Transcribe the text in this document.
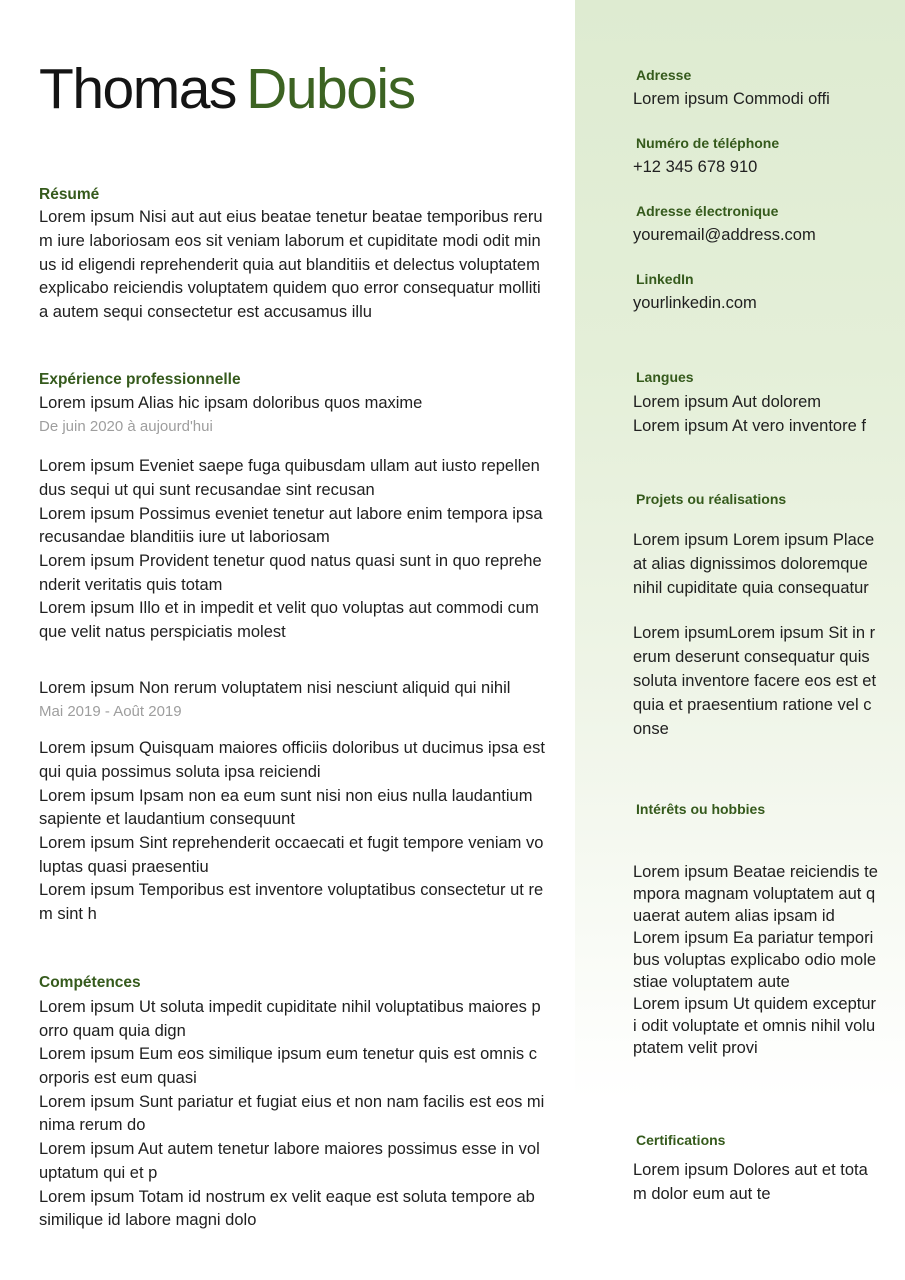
Thomas Dubois
Résumé

Lorem ipsum Nisi aut aut eius beatae tenetur beatae temporibus rerum iure laboriosam eos sit veniam laborum et cupiditate modi odit minus id eligendi reprehenderit quia aut blanditiis et delectus voluptatem explicabo reiciendis voluptatem quidem quo error consequatur mollitia autem sequi consectetur est accusamus illu

Expérience professionnelle
Lorem ipsum Alias hic ipsam doloribus quos maxime
De juin 2020 à aujourd'hui
Lorem ipsum Eveniet saepe fuga quibusdam ullam aut iusto repellendus sequi ut qui sunt recusandae sint recusan
Lorem ipsum Possimus eveniet tenetur aut labore enim tempora ipsa recusandae blanditiis iure ut laboriosam
Lorem ipsum Provident tenetur quod natus quasi sunt in quo reprehenderit veritatis quis totam
Lorem ipsum Illo et in impedit et velit quo voluptas aut commodi cumque velit natus perspiciatis molest
Lorem ipsum Non rerum voluptatem nisi nesciunt aliquid qui nihil
Mai 2019 - Août 2019
Lorem ipsum Quisquam maiores officiis doloribus ut ducimus ipsa est qui quia possimus soluta ipsa reiciendi
Lorem ipsum Ipsam non ea eum sunt nisi non eius nulla laudantium sapiente et laudantium consequunt
Lorem ipsum Sint reprehenderit occaecati et fugit tempore veniam voluptas quasi praesentiu
Lorem ipsum Temporibus est inventore voluptatibus consectetur ut rem sint h
Compétences
Lorem ipsum Ut soluta impedit cupiditate nihil voluptatibus maiores porro quam quia dign
Lorem ipsum Eum eos similique ipsum eum tenetur quis est omnis corporis est eum quasi
Lorem ipsum Sunt pariatur et fugiat eius et non nam facilis est eos minima rerum do
Lorem ipsum Aut autem tenetur labore maiores possimus esse in voluptatum qui et p
Lorem ipsum Totam id nostrum ex velit eaque est soluta tempore ab similique id labore magni dolo
Adresse
Lorem ipsum Commodi offi
Numéro de téléphone
+12 345 678 910
Adresse électronique
youremail@address.com
LinkedIn
yourlinkedin.com
Langues
Lorem ipsum Aut dolorem
Lorem ipsum At vero inventore f
Projets ou réalisations

Lorem ipsum Lorem ipsum Placeat alias dignissimos doloremque nihil cupiditate quia consequatur

Lorem ipsumLorem ipsum Sit in rerum deserunt consequatur quis soluta inventore facere eos est et quia et praesentium ratione vel conse

Intérêts ou hobbies
Lorem ipsum Beatae reiciendis tempora magnam voluptatem aut quaerat autem alias ipsam id
Lorem ipsum Ea pariatur temporibus voluptas explicabo odio molestiae voluptatem aute
Lorem ipsum Ut quidem excepturi odit voluptate et omnis nihil voluptatem velit provi
Certifications

Lorem ipsum Dolores aut et totam dolor eum aut te
